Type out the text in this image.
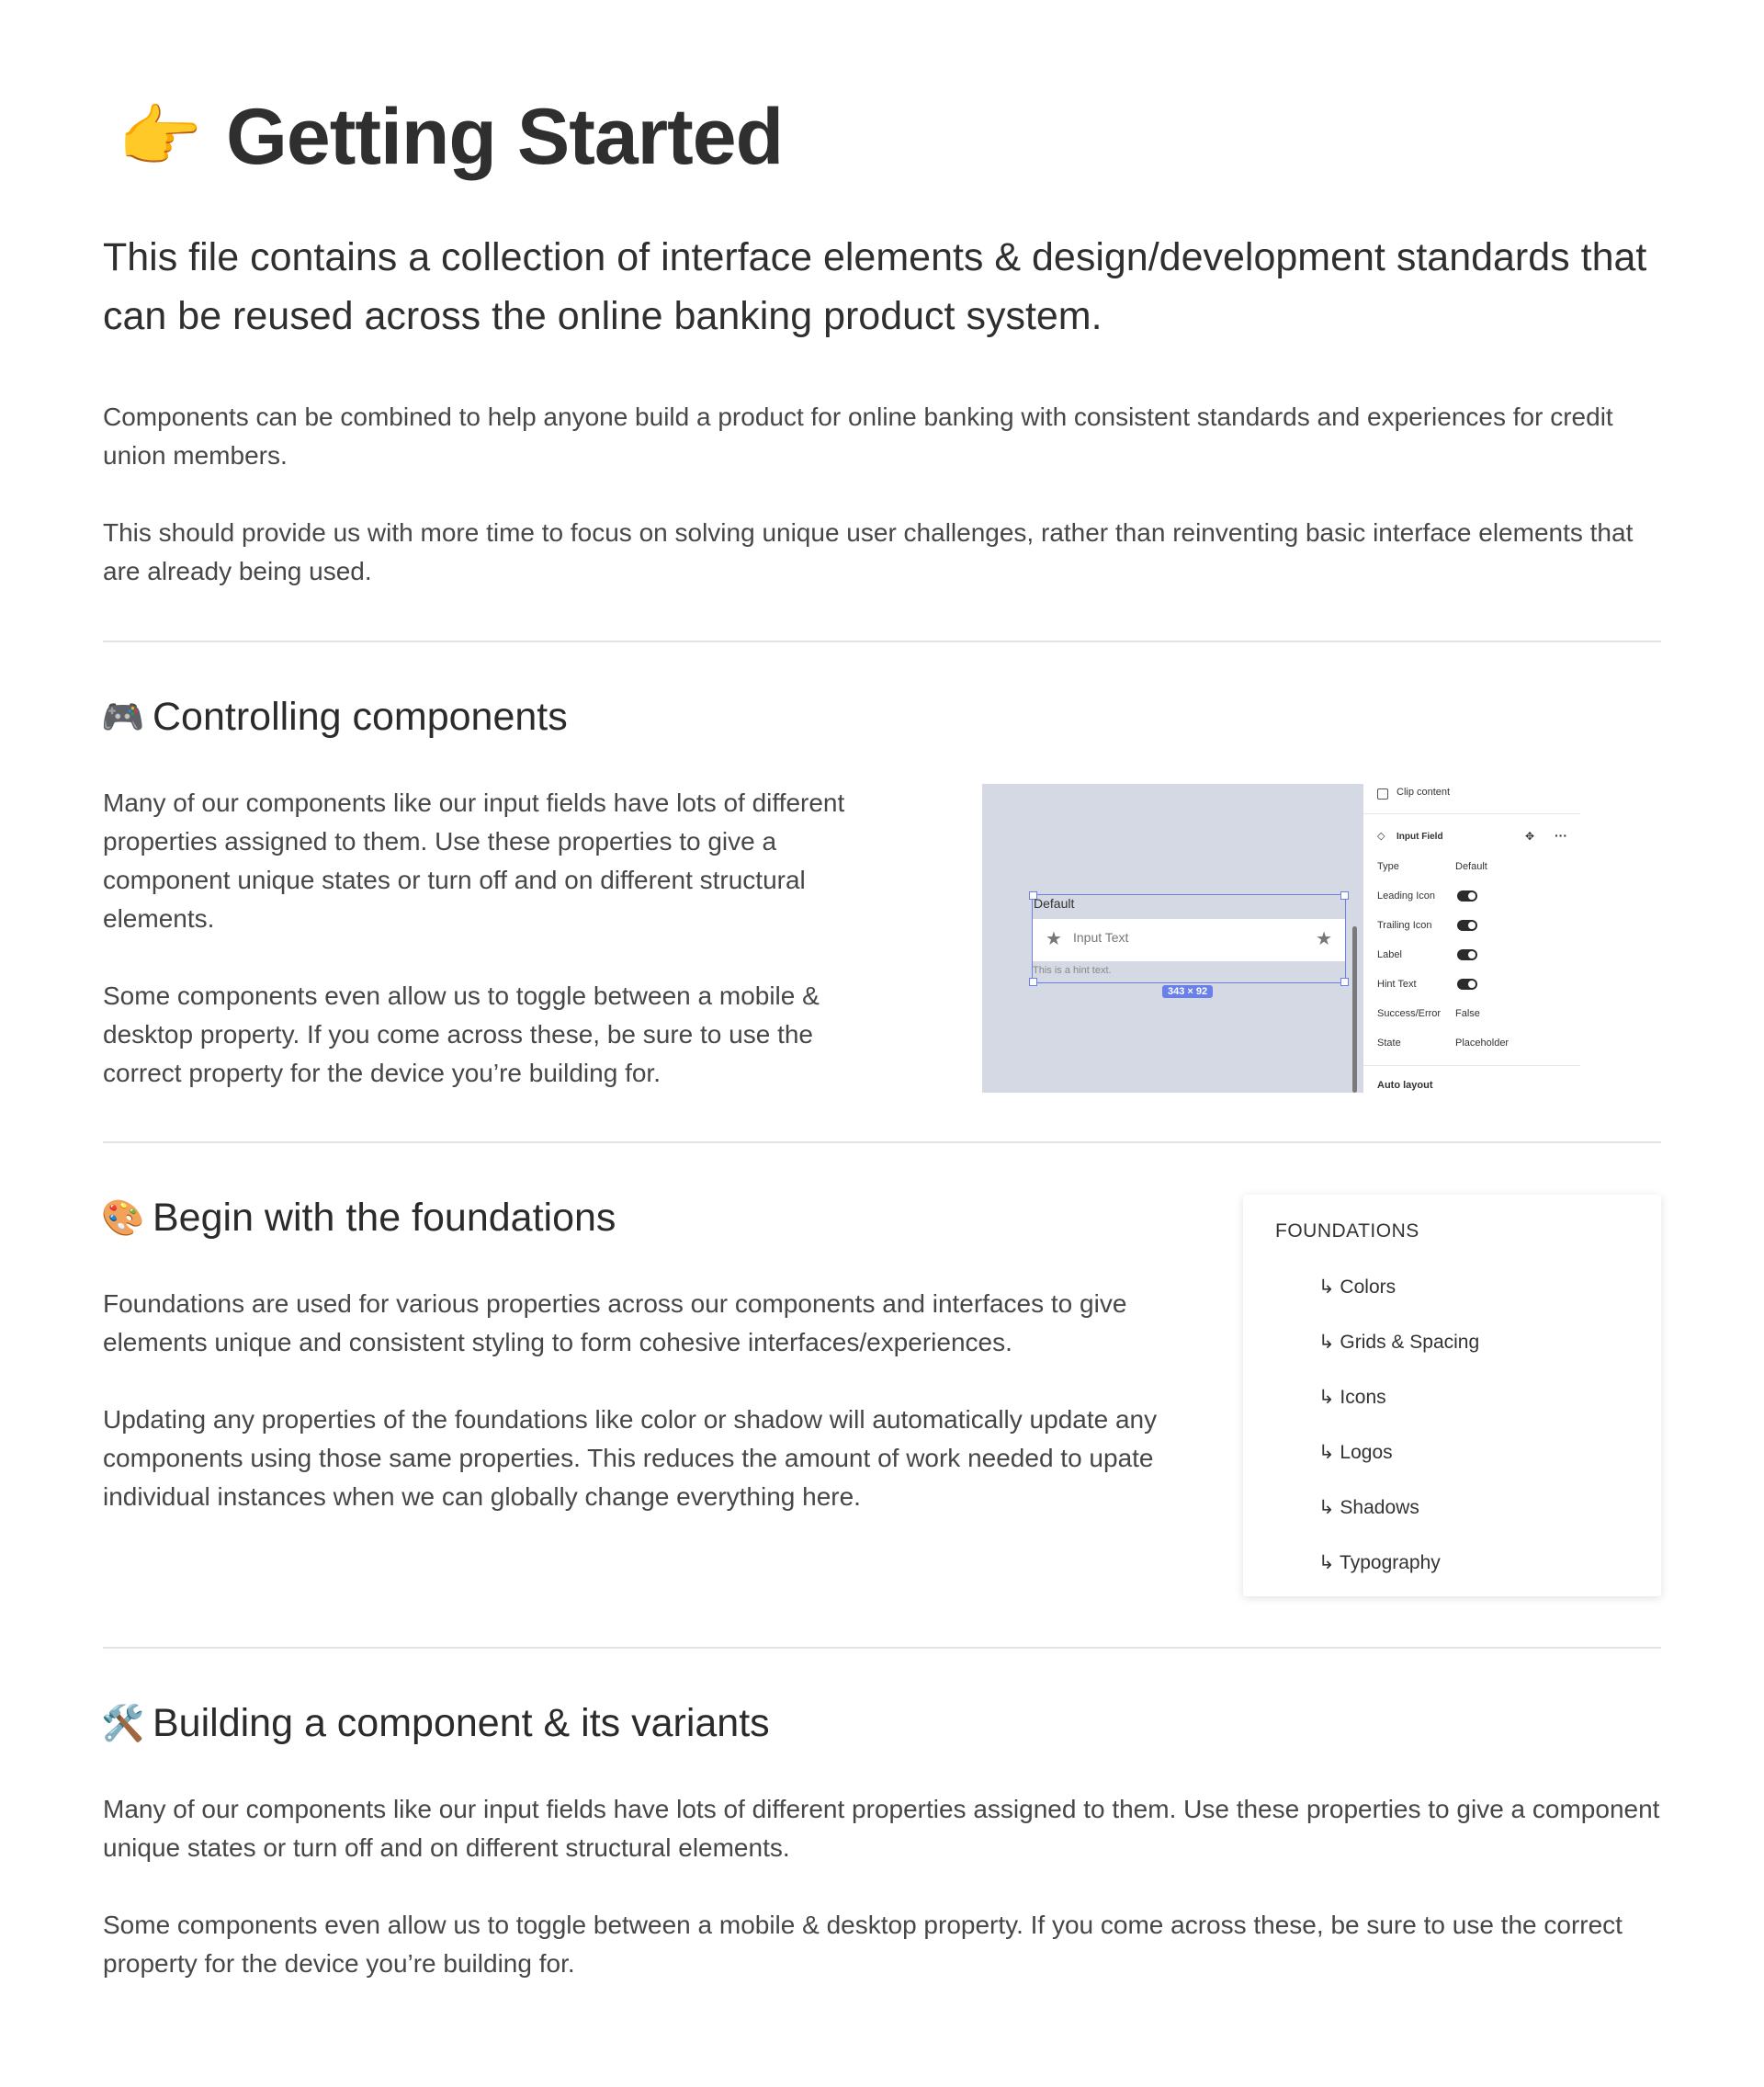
👉 Getting Started

This file contains a collection of interface elements & design/development standards that can be reused across the online banking product system.

Components can be combined to help anyone build a product for online banking with consistent standards and experiences for credit union members.

This should provide us with more time to focus on solving unique user challenges, rather than reinventing basic interface elements that are already being used.

🎮 Controlling components

Many of our components like our input fields have lots of different properties assigned to them. Use these properties to give a component unique states or turn off and on different structural elements.

Some components even allow us to toggle between a mobile & desktop property. If you come across these, be sure to use the correct property for the device you’re building for.

Default
★ Input Text	★
This is a hint text.
343 × 92
Clip content
◇ Input Field	✥ ···
Type	Default
Leading Icon
Trailing Icon
Label
Hint Text
Success/Error False
State	Placeholder
Auto layout
🎨 Begin with the foundations

Foundations are used for various properties across our components and interfaces to give elements unique and consistent styling to form cohesive interfaces/experiences.

Updating any properties of the foundations like color or shadow will automatically update any components using those same properties. This reduces the amount of work needed to upate individual instances when we can globally change everything here.

FOUNDATIONS
↳ Colors
↳ Grids & Spacing
↳ Icons
↳ Logos
↳ Shadows
↳ Typography
🛠️ Building a component & its variants

Many of our components like our input fields have lots of different properties assigned to them. Use these properties to give a component unique states or turn off and on different structural elements.

Some components even allow us to toggle between a mobile & desktop property. If you come across these, be sure to use the correct property for the device you’re building for.
